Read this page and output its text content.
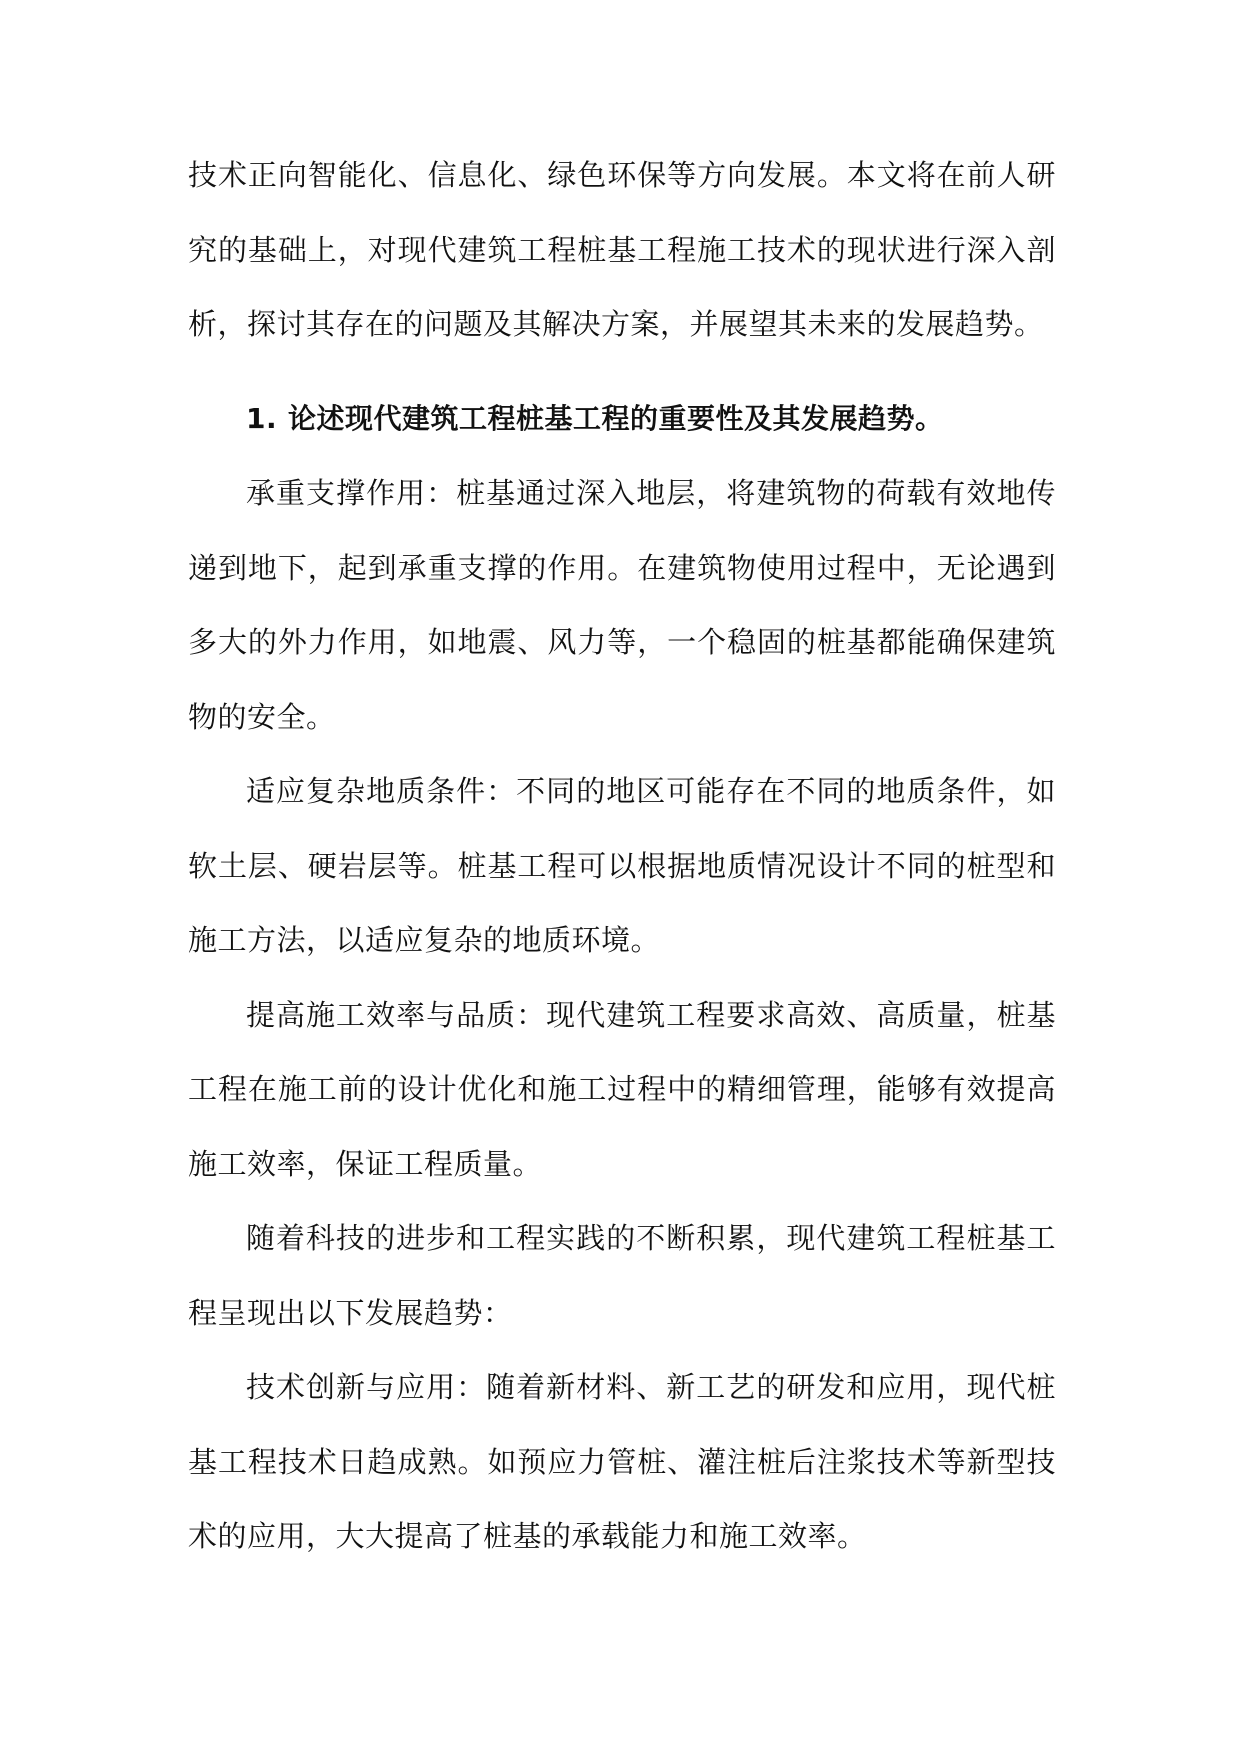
技术正向智能化、信息化、绿色环保等方向发展。本文将在前人研究的基础上，对现代建筑工程桩基工程施工技术的现状进行深入剖析，探讨其存在的问题及其解决方案，并展望其未来的发展趋势。

1. 论述现代建筑工程桩基工程的重要性及其发展趋势。

承重支撑作用：桩基通过深入地层，将建筑物的荷载有效地传递到地下，起到承重支撑的作用。在建筑物使用过程中，无论遇到多大的外力作用，如地震、风力等，一个稳固的桩基都能确保建筑物的安全。

适应复杂地质条件：不同的地区可能存在不同的地质条件，如软土层、硬岩层等。桩基工程可以根据地质情况设计不同的桩型和施工方法，以适应复杂的地质环境。

提高施工效率与品质：现代建筑工程要求高效、高质量，桩基工程在施工前的设计优化和施工过程中的精细管理，能够有效提高施工效率，保证工程质量。

随着科技的进步和工程实践的不断积累，现代建筑工程桩基工程呈现出以下发展趋势：

技术创新与应用：随着新材料、新工艺的研发和应用，现代桩基工程技术日趋成熟。如预应力管桩、灌注桩后注浆技术等新型技术的应用，大大提高了桩基的承载能力和施工效率。
